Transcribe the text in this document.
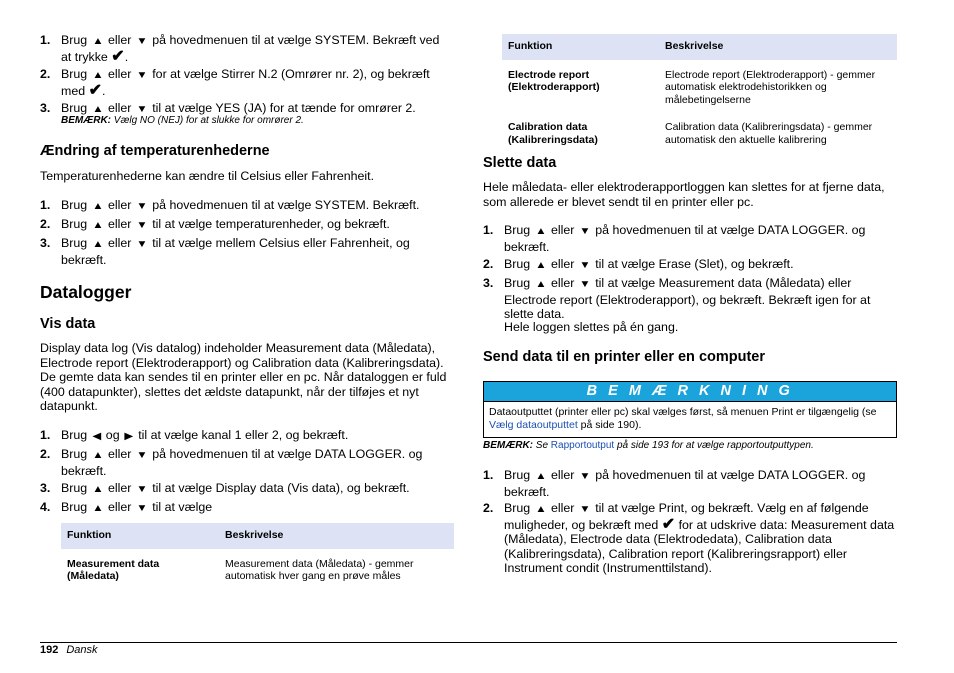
1. Brug ▲ eller ▼ på hovedmenuen til at vælge SYSTEM. Bekræft ved at trykke ✔.
2. Brug ▲ eller ▼ for at vælge Stirrer N.2 (Omrører nr. 2), og bekræft med ✔.
3. Brug ▲ eller ▼ til at vælge YES (JA) for at tænde for omrører 2.
BEMÆRK: Vælg NO (NEJ) for at slukke for omrører 2.
Ændring af temperaturenhederne
Temperaturenhederne kan ændre til Celsius eller Fahrenheit.
1. Brug ▲ eller ▼ på hovedmenuen til at vælge SYSTEM. Bekræft.
2. Brug ▲ eller ▼ til at vælge temperaturenheder, og bekræft.
3. Brug ▲ eller ▼ til at vælge mellem Celsius eller Fahrenheit, og bekræft.
Datalogger
Vis data
Display data log (Vis datalog) indeholder Measurement data (Måledata), Electrode report (Elektroderapport) og Calibration data (Kalibreringsdata). De gemte data kan sendes til en printer eller en pc. Når dataloggen er fuld (400 datapunkter), slettes det ældste datapunkt, når der tilføjes et nyt datapunkt.
1. Brug ◀ og ▶ til at vælge kanal 1 eller 2, og bekræft.
2. Brug ▲ eller ▼ på hovedmenuen til at vælge DATA LOGGER. og bekræft.
3. Brug ▲ eller ▼ til at vælge Display data (Vis data), og bekræft.
4. Brug ▲ eller ▼ til at vælge
Funktion	Beskrivelse
Measurement data (Måledata)	Measurement data (Måledata) - gemmer automatisk hver gang en prøve måles
Funktion	Beskrivelse
Electrode report (Elektroderapport)	Electrode report (Elektroderapport) - gemmer automatisk elektrodehistorikken og målebetingelserne
Calibration data (Kalibreringsdata)	Calibration data (Kalibreringsdata) - gemmer automatisk den aktuelle kalibrering
Slette data
Hele måledata- eller elektroderapportloggen kan slettes for at fjerne data, som allerede er blevet sendt til en printer eller pc.
1. Brug ▲ eller ▼ på hovedmenuen til at vælge DATA LOGGER. og bekræft.
2. Brug ▲ eller ▼ til at vælge Erase (Slet), og bekræft.
3. Brug ▲ eller ▼ til at vælge Measurement data (Måledata) eller Electrode report (Elektroderapport), og bekræft. Bekræft igen for at slette data.
Hele loggen slettes på én gang.
Send data til en printer eller en computer
B E M Æ R K N I N G
Dataoutputtet (printer eller pc) skal vælges først, så menuen Print er tilgængelig (se Vælg dataoutputtet på side 190).
BEMÆRK: Se Rapportoutput på side 193 for at vælge rapportoutputtypen.
1. Brug ▲ eller ▼ på hovedmenuen til at vælge DATA LOGGER. og bekræft.
2. Brug ▲ eller ▼ til at vælge Print, og bekræft. Vælg en af følgende muligheder, og bekræft med ✔ for at udskrive data: Measurement data (Måledata), Electrode data (Elektrodedata), Calibration data (Kalibreringsdata), Calibration report (Kalibreringsrapport) eller Instrument condit (Instrumenttilstand).
192 Dansk
